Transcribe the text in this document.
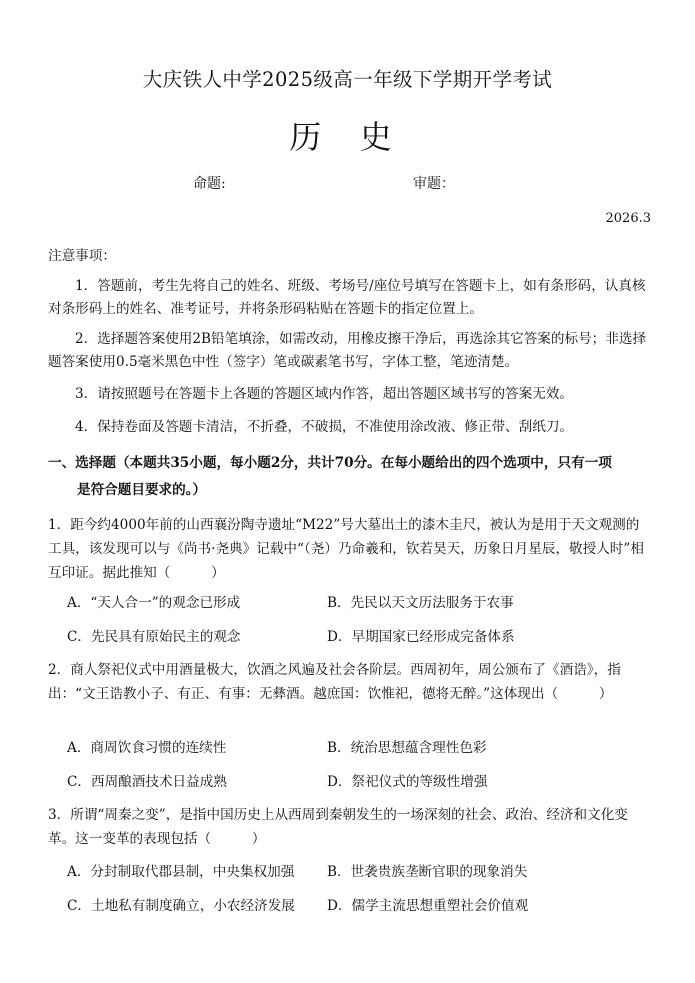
大庆铁人中学2025级高一年级下学期开学考试
历 史
命题:	审题：
2026.3
注意事项：
1．答题前，考生先将自己的姓名、班级、考场号/座位号填写在答题卡上，如有条形码，认真核对条形码上的姓名、准考证号，并将条形码粘贴在答题卡的指定位置上。
2．选择题答案使用2B铅笔填涂，如需改动，用橡皮擦干净后，再选涂其它答案的标号；非选择题答案使用0.5毫米黑色中性（签字）笔或碳素笔书写，字体工整，笔迹清楚。
3．请按照题号在答题卡上各题的答题区域内作答，超出答题区域书写的答案无效。
4．保持卷面及答题卡清洁，不折叠，不破损，不准使用涂改液、修正带、刮纸刀。
一、选择题（本题共35小题，每小题2分，共计70分。在每小题给出的四个选项中，只有一项
是符合题目要求的。）
1．距今约4000年前的山西襄汾陶寺遗址“M22”号大墓出土的漆木圭尺，被认为是用于天文观测的工具，该发现可以与《尚书·尧典》记载中“（尧）乃命羲和，钦若昊天，历象日月星辰，敬授人时”相互印证。据此推知（　　　）
A．“天人合一”的观念已形成	B．先民以天文历法服务于农事
C．先民具有原始民主的观念	D．早期国家已经形成完备体系
2．商人祭祀仪式中用酒量极大，饮酒之风遍及社会各阶层。西周初年，周公颁布了《酒诰》，指出：“文王诰教小子、有正、有事：无彝酒。越庶国：饮惟祀，德将无醉。”这体现出（　　　）
A．商周饮食习惯的连续性	B．统治思想蕴含理性色彩
C．西周酿酒技术日益成熟	D．祭祀仪式的等级性增强
3．所谓“周秦之变”，是指中国历史上从西周到秦朝发生的一场深刻的社会、政治、经济和文化变革。这一变革的表现包括（　　　）
A．分封制取代郡县制，中央集权加强 B．世袭贵族垄断官职的现象消失
C．土地私有制度确立，小农经济发展 D．儒学主流思想重塑社会价值观
